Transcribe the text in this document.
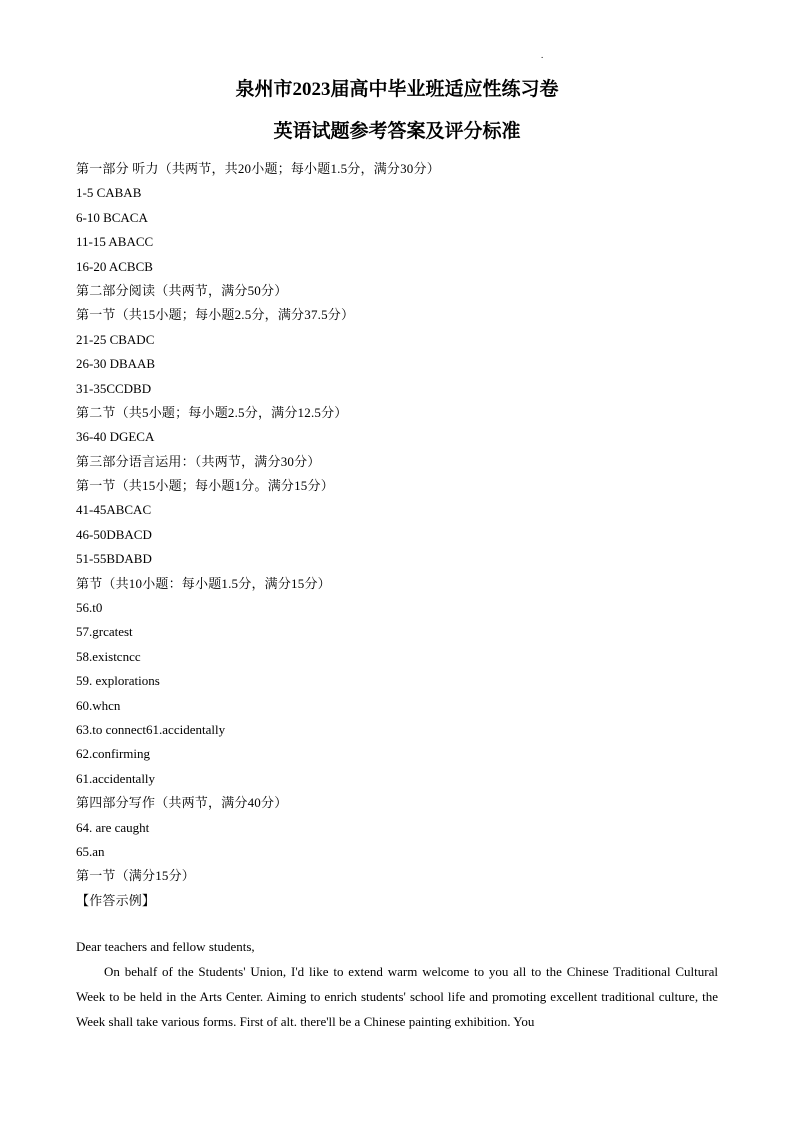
.
泉州市2023届高中毕业班适应性练习卷
英语试题参考答案及评分标准
第一部分 听力（共两节，共20小题；每小题1.5分，满分30分）
1-5 CABAB
6-10 BCACA
11-15 ABACC
16-20 ACBCB
第二部分阅读（共两节，满分50分）
第一节（共15小题；每小题2.5分，满分37.5分）
21-25 CBADC
26-30 DBAAB
31-35CCDBD
第二节（共5小题；每小题2.5分，满分12.5分）
36-40 DGECA
第三部分语言运用：（共两节，满分30分）
第一节（共15小题；每小题1分。满分15分）
41-45ABCAC
46-50DBACD
51-55BDABD
第节（共10小题：每小题1.5分，满分15分）
56.t0
57.grcatest
58.existcncc
59. explorations
60.whcn
63.to connect61.accidentally
62.confirming
61.accidentally
第四部分写作（共两节，满分40分）
64. are caught
65.an
第一节（满分15分）
【作答示例】
Dear teachers and fellow students,
On behalf of the Students' Union, I'd like to extend warm welcome to you all to the Chinese Traditional Cultural Week to be held in the Arts Center. Aiming to enrich students' school life and promoting excellent traditional culture, the Week shall take various forms. First of alt. there'll be a Chinese painting exhibition. You
